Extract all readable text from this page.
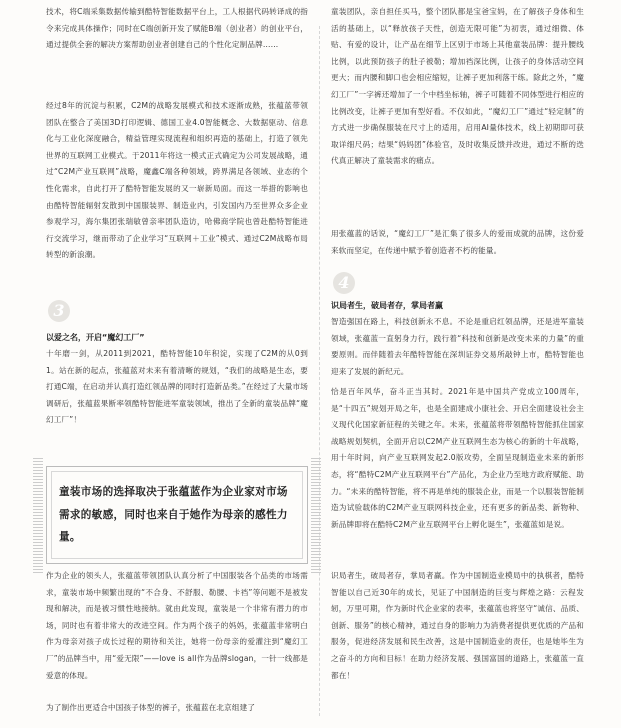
技术，将C端采集数据传输到酷特智能数据平台上，工人根据代码转译成的指令来完成具体操作；同时在C端创新开发了赋能B端（创业者）的创业平台，通过提供全套的解决方案帮助创业者创建自己的个性化定制品牌……

经过8年的沉淀与积累，C2M的战略发展模式和技术逐渐成熟，张蕴蓝带领团队在整合了美国3D打印逻辑、德国工业4.0智能概念、大数据驱动、信息化与工业化深度融合，精益管理实现流程和组织再造的基础上，打造了领先世界的互联网工业模式。于2011年将这一模式正式确定为公司发展战略，通过“C2M产业互联网”战略，魔鑫C端各种领域，跨界满足各领域、业态的个性化需求，自此打开了酷特智能发展的又一崭新局面。而这一举措的影响也由酷特智能辐射发散到中国服装界、制造业内，引发国内乃至世界众多企业参观学习，海尔集团张瑞敏曾亲率团队造访，哈佛商学院也曾赴酷特智能进行交流学习，继而带动了企业学习“互联网＋工业”模式、通过C2M战略布局转型的新浪潮。

3
以爱之名，开启“魔幻工厂”

十年磨一剑，从2011到2021，酷特智能10年积淀，实现了C2M的从0到1。站在新的起点，张蕴蓝对未来有着清晰的规划，“我们的战略是生态，要打通C端，在启动并认真打造红领品牌的同时打造新品类。”在经过了大量市场调研后，张蕴蓝果断率领酷特智能进军童装领域，推出了全新的童装品牌“魔幻工厂”！

童装市场的选择取决于张蕴蓝作为企业家对市场需求的敏感，同时也来自于她作为母亲的感性力量。

作为企业的领头人，张蕴蓝带领团队认真分析了中国服装各个品类的市场需求，童装市场中频繁出现的“不合身、不舒服、勒腰、卡裆”等问题不是被发现和解决，而是被习惯性地接纳。就由此发现，童装是一个非常有潜力的市场，同时也有着非常大的改进空间。作为两个孩子的妈妈，张蕴蓝非常明白作为母亲对孩子成长过程的期待和关注，她将一份母亲的爱灌注到“魔幻工厂”的品牌当中，用“爱无限”——love is all作为品牌slogan，一针一线都是爱意的体现。

为了制作出更适合中国孩子体型的裤子，张蕴蓝在北京组建了

童装团队，亲自担任买马，整个团队都是宝爸宝妈，在了解孩子身体和生活的基础上，以“释放孩子天性，创造无限可能”为初衷，通过细微、体贴、有爱的设计，让产品在细节上区别于市场上其他童装品牌：提升腰线比例，以此预防孩子的肚子被勒；增加裆深比例，让孩子的身体活动空间更大；而内腰和脚口也会相应缩短，让裤子更加利落干练。除此之外，“魔幻工厂”一字裤还增加了一个中档坐标轴，裤子可随着不同体型进行相应的比例改变，让裤子更加有型好看。不仅如此，“魔幻工厂”通过“轻定制”的方式进一步确保服装在尺寸上的适用，启用AI量体技术，线上初期即可获取详细尺码；结果“妈妈团”体验官，及时收集反馈并改进，通过不断的迭代真正解决了童装需求的痛点。

用张蕴蓝的话说，“魔幻工厂”是汇集了很多人的爱而成就的品牌，这份爱来软而坚定，在传递中赋予着创造者不朽的能量。

4
识局者生，破局者存，掌局者赢

智造强国在路上，科技创新永不息。不论是重启红领品牌，还是进军童装领域，张蕴蓝一直躬身力行，践行着“科技和创新是改变未来的力量”的重要原则。而伴随着去年酷特智能在深圳证券交易所敲钟上市，酷特智能也迎来了发展的新纪元。

恰是百年风华，奋斗正当其时。2021年是中国共产党成立100周年，是“十四五”规划开局之年，也是全面建成小康社会、开启全面建设社会主义现代化国家新征程的关键之年。未来，张蕴蓝将带领酷特智能抓住国家战略规划契机，全面开启以C2M产业互联网生态为核心的新的十年战略，用十年时间，向产业互联网发起2.0版攻势，全面呈现制造业未来的新形态，将“酷特C2M产业互联网平台”产品化，为企业乃至地方政府赋能、助力。“未来的酷特智能，将不再是单纯的服装企业，而是一个以服装智能制造为试验载体的C2M产业互联网科技企业，还有更多的新品类、新物种、新品牌即将在酷特C2M产业互联网平台上孵化诞生”，张蕴蓝如是说。

识局者生，破局者存，掌局者赢。作为中国制造业模局中的执棋者，酷特智能以自己近30年的成长，见证了中国制造的巨变与辉煌之路：云程发轫，万里可期，作为新时代企业家的表率，张蕴蓝也将坚守“诚信、品质、创新、服务”的核心精神，通过自身的影响力为消费者提供更优质的产品和服务，促进经济发展和民生改善，这是中国制造业的责任，也是她毕生为之奋斗的方向和目标！在助力经济发展、强国富国的道路上，张蕴蓝一直都在！
